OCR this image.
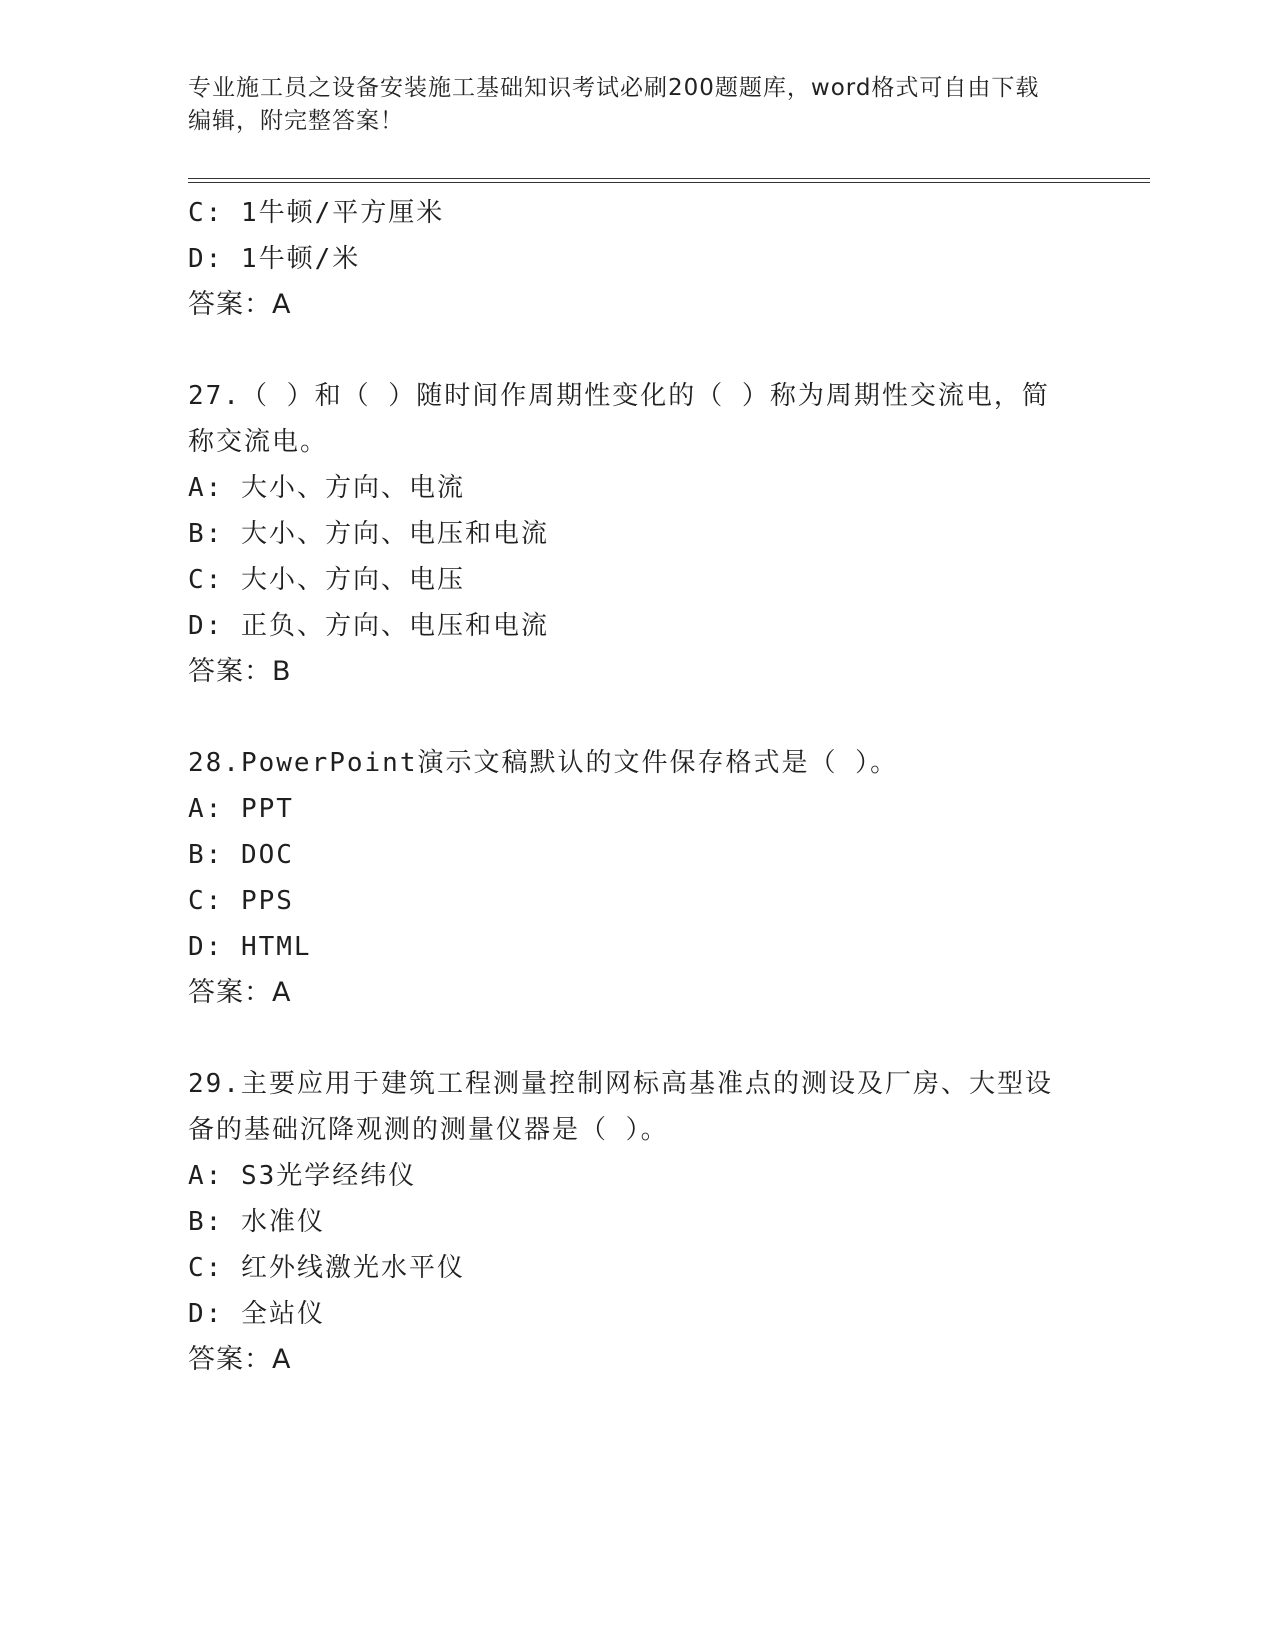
专业施工员之设备安装施工基础知识考试必刷200题题库，word格式可自由下载
编辑，附完整答案！
C: 1牛顿/平方厘米
D: 1牛顿/米
答案：A
27.（ ）和（ ）随时间作周期性变化的（ ）称为周期性交流电，简
称交流电。
A: 大小、方向、电流
B: 大小、方向、电压和电流
C: 大小、方向、电压
D: 正负、方向、电压和电流
答案：B
28.PowerPoint演示文稿默认的文件保存格式是（ ）。
A: PPT
B: DOC
C: PPS
D: HTML
答案：A
29.主要应用于建筑工程测量控制网标高基准点的测设及厂房、大型设
备的基础沉降观测的测量仪器是（ ）。
A: S3光学经纬仪
B: 水准仪
C: 红外线激光水平仪
D: 全站仪
答案：A
